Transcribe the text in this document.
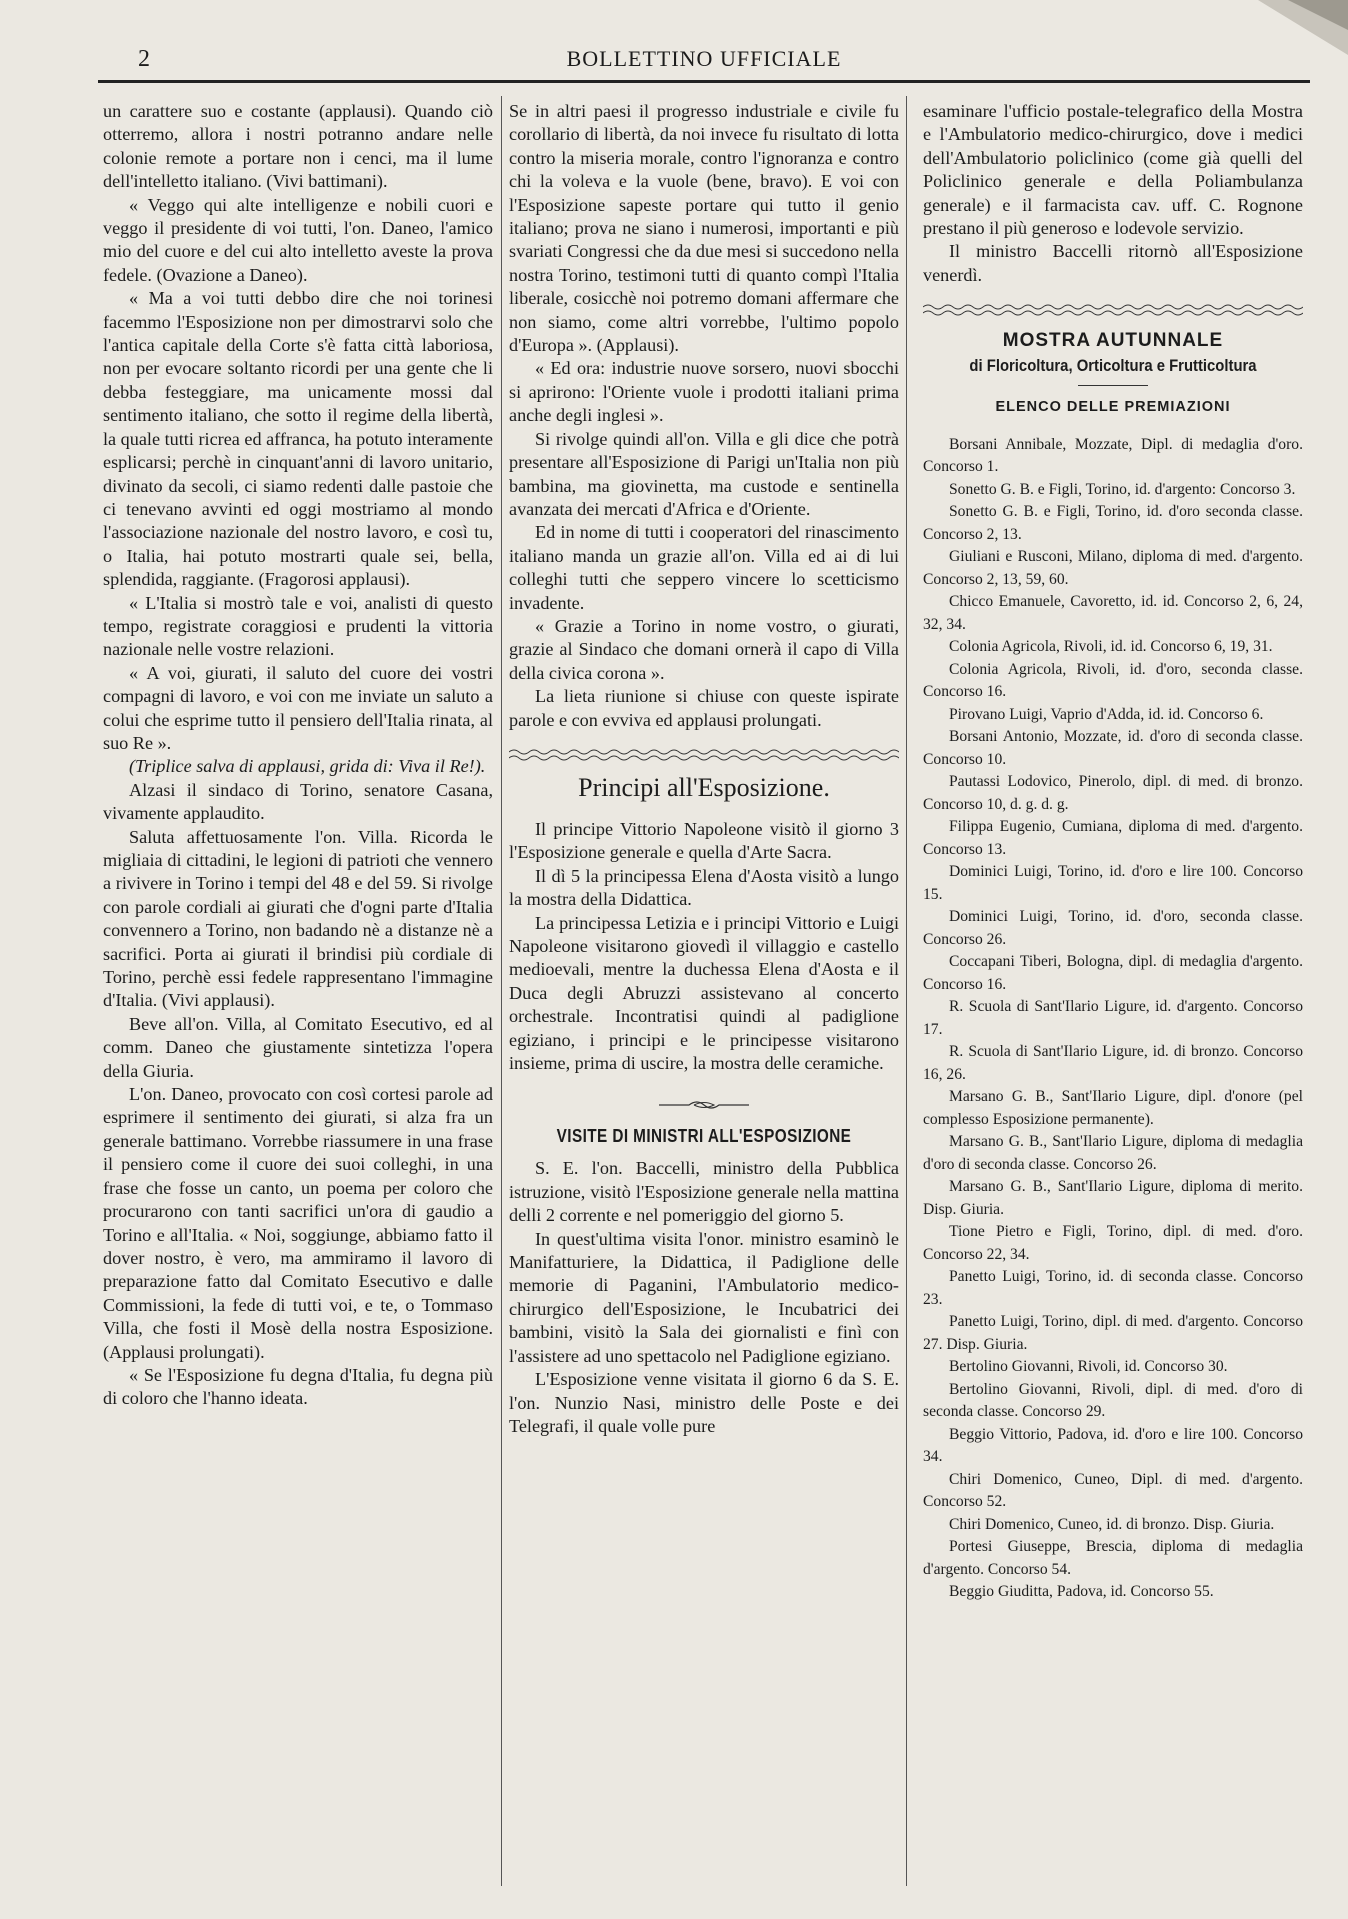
2	BOLLETTINO UFFICIALE

un carattere suo e costante (applausi). Quando ciò otterremo, allora i nostri potranno andare nelle colonie remote a portare non i cenci, ma il lume dell'intelletto italiano. (Vivi battimani).

« Veggo qui alte intelligenze e nobili cuori e veggo il presidente di voi tutti, l'on. Daneo, l'amico mio del cuore e del cui alto intelletto aveste la prova fedele. (Ovazione a Daneo).

« Ma a voi tutti debbo dire che noi torinesi facemmo l'Esposizione non per dimostrarvi solo che l'antica capitale della Corte s'è fatta città laboriosa, non per evocare soltanto ricordi per una gente che li debba festeggiare, ma unicamente mossi dal sentimento italiano, che sotto il regime della libertà, la quale tutti ricrea ed affranca, ha potuto interamente esplicarsi; perchè in cinquant'anni di lavoro unitario, divinato da secoli, ci siamo redenti dalle pastoie che ci tenevano avvinti ed oggi mostriamo al mondo l'associazione nazionale del nostro lavoro, e così tu, o Italia, hai potuto mostrarti quale sei, bella, splendida, raggiante. (Fragorosi applausi).

« L'Italia si mostrò tale e voi, analisti di questo tempo, registrate coraggiosi e prudenti la vittoria nazionale nelle vostre relazioni.

« A voi, giurati, il saluto del cuore dei vostri compagni di lavoro, e voi con me inviate un saluto a colui che esprime tutto il pensiero dell'Italia rinata, al suo Re ».

(Triplice salva di applausi, grida di: Viva il Re!).

Alzasi il sindaco di Torino, senatore Casana, vivamente applaudito.

Saluta affettuosamente l'on. Villa. Ricorda le migliaia di cittadini, le legioni di patrioti che vennero a rivivere in Torino i tempi del 48 e del 59. Si rivolge con parole cordiali ai giurati che d'ogni parte d'Italia convennero a Torino, non badando nè a distanze nè a sacrifici. Porta ai giurati il brindisi più cordiale di Torino, perchè essi fedele rappresentano l'immagine d'Italia. (Vivi applausi).

Beve all'on. Villa, al Comitato Esecutivo, ed al comm. Daneo che giustamente sintetizza l'opera della Giuria.

L'on. Daneo, provocato con così cortesi parole ad esprimere il sentimento dei giurati, si alza fra un generale battimano. Vorrebbe riassumere in una frase il pensiero come il cuore dei suoi colleghi, in una frase che fosse un canto, un poema per coloro che procurarono con tanti sacrifici un'ora di gaudio a Torino e all'Italia. « Noi, soggiunge, abbiamo fatto il dover nostro, è vero, ma ammiramo il lavoro di preparazione fatto dal Comitato Esecutivo e dalle Commissioni, la fede di tutti voi, e te, o Tommaso Villa, che fosti il Mosè della nostra Esposizione. (Applausi prolungati).

« Se l'Esposizione fu degna d'Italia, fu degna più di coloro che l'hanno ideata.

Se in altri paesi il progresso industriale e civile fu corollario di libertà, da noi invece fu risultato di lotta contro la miseria morale, contro l'ignoranza e contro chi la voleva e la vuole (bene, bravo). E voi con l'Esposizione sapeste portare qui tutto il genio italiano; prova ne siano i numerosi, importanti e più svariati Congressi che da due mesi si succedono nella nostra Torino, testimoni tutti di quanto compì l'Italia liberale, cosicchè noi potremo domani affermare che non siamo, come altri vorrebbe, l'ultimo popolo d'Europa ». (Applausi).

« Ed ora: industrie nuove sorsero, nuovi sbocchi si aprirono: l'Oriente vuole i prodotti italiani prima anche degli inglesi ».

Si rivolge quindi all'on. Villa e gli dice che potrà presentare all'Esposizione di Parigi un'Italia non più bambina, ma giovinetta, ma custode e sentinella avanzata dei mercati d'Africa e d'Oriente.

Ed in nome di tutti i cooperatori del rinascimento italiano manda un grazie all'on. Villa ed ai di lui colleghi tutti che seppero vincere lo scetticismo invadente.

« Grazie a Torino in nome vostro, o giurati, grazie al Sindaco che domani ornerà il capo di Villa della civica corona ».

La lieta riunione si chiuse con queste ispirate parole e con evviva ed applausi prolungati.

Principi all'Esposizione.

Il principe Vittorio Napoleone visitò il giorno 3 l'Esposizione generale e quella d'Arte Sacra.

Il dì 5 la principessa Elena d'Aosta visitò a lungo la mostra della Didattica.

La principessa Letizia e i principi Vittorio e Luigi Napoleone visitarono giovedì il villaggio e castello medioevali, mentre la duchessa Elena d'Aosta e il Duca degli Abruzzi assistevano al concerto orchestrale. Incontratisi quindi al padiglione egiziano, i principi e le principesse visitarono insieme, prima di uscire, la mostra delle ceramiche.

VISITE DI MINISTRI ALL'ESPOSIZIONE

S. E. l'on. Baccelli, ministro della Pubblica istruzione, visitò l'Esposizione generale nella mattina delli 2 corrente e nel pomeriggio del giorno 5.

In quest'ultima visita l'onor. ministro esaminò le Manifatturiere, la Didattica, il Padiglione delle memorie di Paganini, l'Ambulatorio medico-chirurgico dell'Esposizione, le Incubatrici dei bambini, visitò la Sala dei giornalisti e finì con l'assistere ad uno spettacolo nel Padiglione egiziano.

L'Esposizione venne visitata il giorno 6 da S. E. l'on. Nunzio Nasi, ministro delle Poste e dei Telegrafi, il quale volle pure

esaminare l'ufficio postale-telegrafico della Mostra e l'Ambulatorio medico-chirurgico, dove i medici dell'Ambulatorio policlinico (come già quelli del Policlinico generale e della Poliambulanza generale) e il farmacista cav. uff. C. Rognone prestano il più generoso e lodevole servizio.

Il ministro Baccelli ritornò all'Esposizione venerdì.

MOSTRA AUTUNNALE
di Floricoltura, Orticoltura e Frutticoltura
ELENCO DELLE PREMIAZIONI

Borsani Annibale, Mozzate, Dipl. di medaglia d'oro. Concorso 1.

Sonetto G. B. e Figli, Torino, id. d'argento: Concorso 3.

Sonetto G. B. e Figli, Torino, id. d'oro seconda classe. Concorso 2, 13.

Giuliani e Rusconi, Milano, diploma di med. d'argento. Concorso 2, 13, 59, 60.

Chicco Emanuele, Cavoretto, id. id. Concorso 2, 6, 24, 32, 34.

Colonia Agricola, Rivoli, id. id. Concorso 6, 19, 31.

Colonia Agricola, Rivoli, id. d'oro, seconda classe. Concorso 16.

Pirovano Luigi, Vaprio d'Adda, id. id. Concorso 6.

Borsani Antonio, Mozzate, id. d'oro di seconda classe. Concorso 10.

Pautassi Lodovico, Pinerolo, dipl. di med. di bronzo. Concorso 10, d. g. d. g.

Filippa Eugenio, Cumiana, diploma di med. d'argento. Concorso 13.

Dominici Luigi, Torino, id. d'oro e lire 100. Concorso 15.

Dominici Luigi, Torino, id. d'oro, seconda classe. Concorso 26.

Coccapani Tiberi, Bologna, dipl. di medaglia d'argento. Concorso 16.

R. Scuola di Sant'Ilario Ligure, id. d'argento. Concorso 17.

R. Scuola di Sant'Ilario Ligure, id. di bronzo. Concorso 16, 26.

Marsano G. B., Sant'Ilario Ligure, dipl. d'onore (pel complesso Esposizione permanente).

Marsano G. B., Sant'Ilario Ligure, diploma di medaglia d'oro di seconda classe. Concorso 26.

Marsano G. B., Sant'Ilario Ligure, diploma di merito. Disp. Giuria.

Tione Pietro e Figli, Torino, dipl. di med. d'oro. Concorso 22, 34.

Panetto Luigi, Torino, id. di seconda classe. Concorso 23.

Panetto Luigi, Torino, dipl. di med. d'argento. Concorso 27. Disp. Giuria.

Bertolino Giovanni, Rivoli, id. Concorso 30.

Bertolino Giovanni, Rivoli, dipl. di med. d'oro di seconda classe. Concorso 29.

Beggio Vittorio, Padova, id. d'oro e lire 100. Concorso 34.

Chiri Domenico, Cuneo, Dipl. di med. d'argento. Concorso 52.

Chiri Domenico, Cuneo, id. di bronzo. Disp. Giuria.

Portesi Giuseppe, Brescia, diploma di medaglia d'argento. Concorso 54.

Beggio Giuditta, Padova, id. Concorso 55.
